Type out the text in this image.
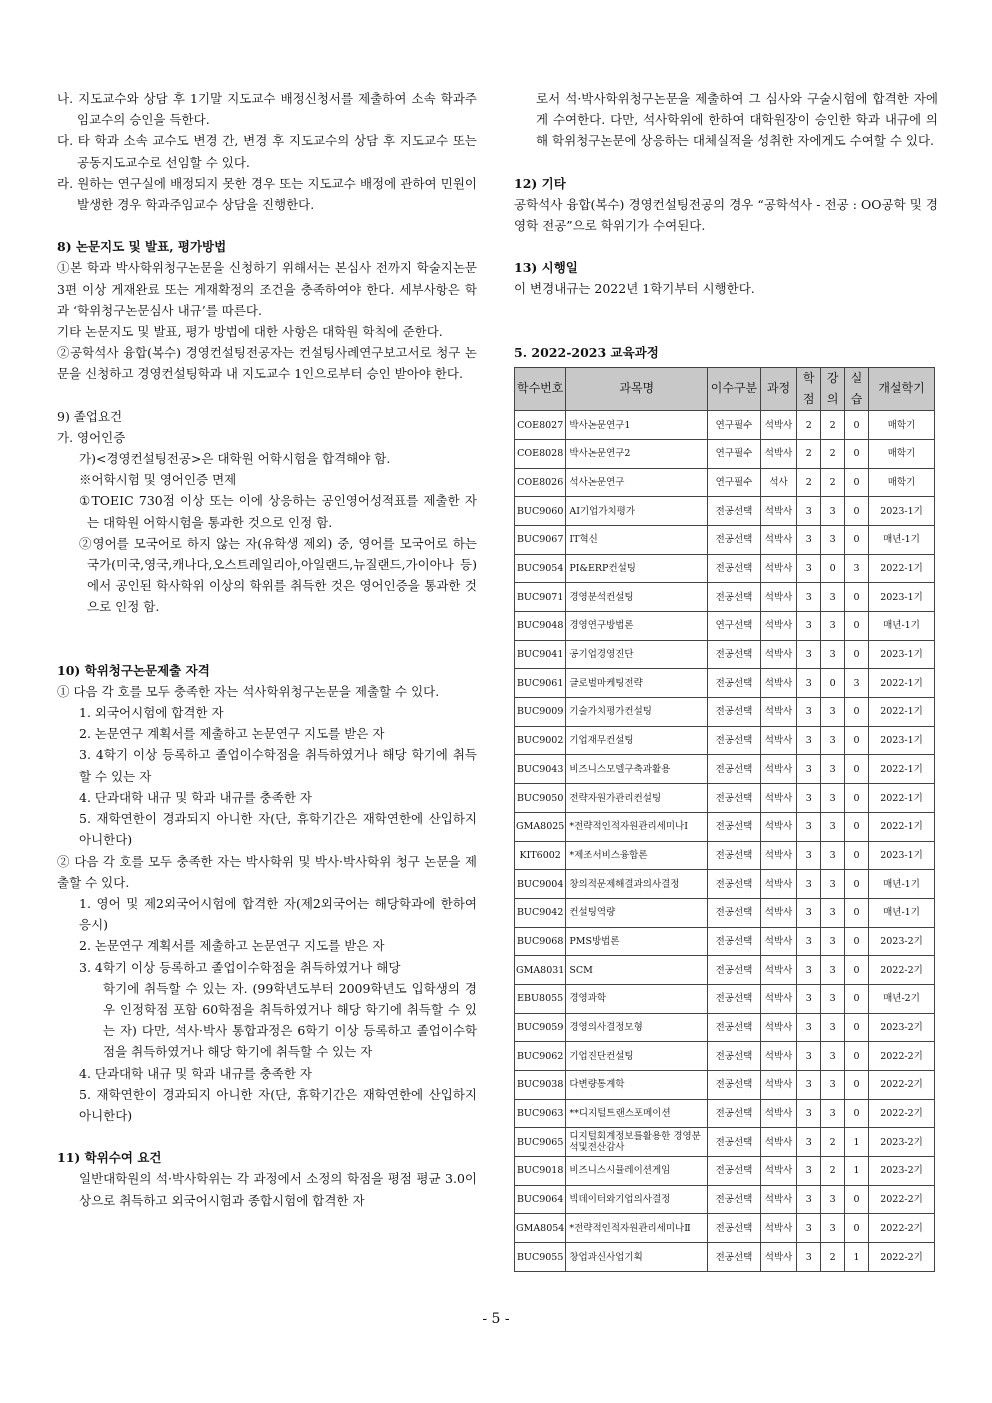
나. 지도교수와 상담 후 1기말 지도교수 배정신청서를 제출하여 소속 학과주임교수의 승인을 득한다.

다. 타 학과 소속 교수도 변경 간, 변경 후 지도교수의 상담 후 지도교수 또는 공동지도교수로 선임할 수 있다.

라. 원하는 연구실에 배정되지 못한 경우 또는 지도교수 배정에 관하여 민원이 발생한 경우 학과주임교수 상담을 진행한다.

8) 논문지도 및 발표, 평가방법

①본 학과 박사학위청구논문을 신청하기 위해서는 본심사 전까지 학술지논문 3편 이상 게재완료 또는 게재확정의 조건을 충족하여야 한다. 세부사항은 학과 ‘학위청구논문심사 내규’를 따른다.

기타 논문지도 및 발표, 평가 방법에 대한 사항은 대학원 학칙에 준한다.

②공학석사 융합(복수) 경영컨설팅전공자는 컨설팅사례연구보고서로 청구 논문을 신청하고 경영컨설팅학과 내 지도교수 1인으로부터 승인 받아야 한다.

9) 졸업요건

가. 영어인증

가)<경영컨설팅전공>은 대학원 어학시험을 합격해야 함.

※어학시험 및 영어인증 면제

①TOEIC 730점 이상 또는 이에 상응하는 공인영어성적표를 제출한 자는 대학원 어학시험을 통과한 것으로 인정 함.

②영어를 모국어로 하지 않는 자(유학생 제외) 중, 영어를 모국어로 하는 국가(미국,영국,캐나다,오스트레일리아,아일랜드,뉴질랜드,가이아나 등)에서 공인된 학사학위 이상의 학위를 취득한 것은 영어인증을 통과한 것으로 인정 함.

10) 학위청구논문제출 자격

① 다음 각 호를 모두 충족한 자는 석사학위청구논문을 제출할 수 있다.

1. 외국어시험에 합격한 자

2. 논문연구 계획서를 제출하고 논문연구 지도를 받은 자

3. 4학기 이상 등록하고 졸업이수학점을 취득하였거나 해당 학기에 취득할 수 있는 자

4. 단과대학 내규 및 학과 내규를 충족한 자

5. 재학연한이 경과되지 아니한 자(단, 휴학기간은 재학연한에 산입하지 아니한다)

② 다음 각 호를 모두 충족한 자는 박사학위 및 박사·박사학위 청구 논문을 제출할 수 있다.

1. 영어 및 제2외국어시험에 합격한 자(제2외국어는 해당학과에 한하여 응시)

2. 논문연구 계획서를 제출하고 논문연구 지도를 받은 자

3. 4학기 이상 등록하고 졸업이수학점을 취득하였거나 해당

학기에 취득할 수 있는 자. (99학년도부터 2009학년도 입학생의 경우 인정학점 포함 60학점을 취득하였거나 해당 학기에 취득할 수 있는 자) 다만, 석사·박사 통합과정은 6학기 이상 등록하고 졸업이수학점을 취득하였거나 해당 학기에 취득할 수 있는 자

4. 단과대학 내규 및 학과 내규를 충족한 자

5. 재학연한이 경과되지 아니한 자(단, 휴학기간은 재학연한에 산입하지 아니한다)

11) 학위수여 요건

일반대학원의 석·박사학위는 각 과정에서 소정의 학점을 평점 평균 3.0이상으로 취득하고 외국어시험과 종합시험에 합격한 자

로서 석·박사학위청구논문을 제출하여 그 심사와 구술시험에 합격한 자에게 수여한다. 다만, 석사학위에 한하여 대학원장이 승인한 학과 내규에 의해 학위청구논문에 상응하는 대체실적을 성취한 자에게도 수여할 수 있다.

12) 기타

공학석사 융합(복수) 경영컨설팅전공의 경우 “공학석사 - 전공 : OO공학 및 경영학 전공”으로 학위기가 수여된다.

13) 시행일

이 변경내규는 2022년 1학기부터 시행한다.

5. 2022-2023 교육과정

학수번호	과목명	이수구분	과정	학점	강의	실습	개설학기
COE8027	박사논문연구1	연구필수	석박사	2	2	0	매학기
COE8028	박사논문연구2	연구필수	석박사	2	2	0	매학기
COE8026	석사논문연구	연구필수	석사	2	2	0	매학기
BUC9060	AI기업가치평가	전공선택	석박사	3	3	0	2023-1기
BUC9067	IT혁신	전공선택	석박사	3	3	0	매년-1기
BUC9054	PI&ERP컨설팅	전공선택	석박사	3	0	3	2022-1기
BUC9071	경영분석컨설팅	전공선택	석박사	3	3	0	2023-1기
BUC9048	경영연구방법론	연구선택	석박사	3	3	0	매년-1기
BUC9041	공기업경영진단	전공선택	석박사	3	3	0	2023-1기
BUC9061	글로벌마케팅전략	전공선택	석박사	3	0	3	2022-1기
BUC9009	기술가치평가컨설팅	전공선택	석박사	3	3	0	2022-1기
BUC9002	기업재무컨설팅	전공선택	석박사	3	3	0	2023-1기
BUC9043	비즈니스모델구축과활용	전공선택	석박사	3	3	0	2022-1기
BUC9050	전략자원가관리컨설팅	전공선택	석박사	3	3	0	2022-1기
GMA8025	*전략적인적자원관리세미나Ⅰ	전공선택	석박사	3	3	0	2022-1기
KIT6002	*제조서비스융합론	전공선택	석박사	3	3	0	2023-1기
BUC9004	창의적문제해결과의사결정	전공선택	석박사	3	3	0	매년-1기
BUC9042	컨설팅역량	전공선택	석박사	3	3	0	매년-1기
BUC9068	PMS방법론	전공선택	석박사	3	3	0	2023-2기
GMA8031	SCM	전공선택	석박사	3	3	0	2022-2기
EBU8055	경영과학	전공선택	석박사	3	3	0	매년-2기
BUC9059	경영의사결정모형	전공선택	석박사	3	3	0	2023-2기
BUC9062	기업진단컨설팅	전공선택	석박사	3	3	0	2022-2기
BUC9038	다변량통계학	전공선택	석박사	3	3	0	2022-2기
BUC9063	**디지털트랜스포메이션	전공선택	석박사	3	3	0	2022-2기
BUC9065	디지털회계정보를활용한 경영분석및전산감사	전공선택	석박사	3	2	1	2023-2기
BUC9018	비즈니스시뮬레이션게임	전공선택	석박사	3	2	1	2023-2기
BUC9064	빅데이터와기업의사결정	전공선택	석박사	3	3	0	2022-2기
GMA8054	*전략적인적자원관리세미나Ⅱ	전공선택	석박사	3	3	0	2022-2기
BUC9055	창업과신사업기획	전공선택	석박사	3	2	1	2022-2기
- 5 -
